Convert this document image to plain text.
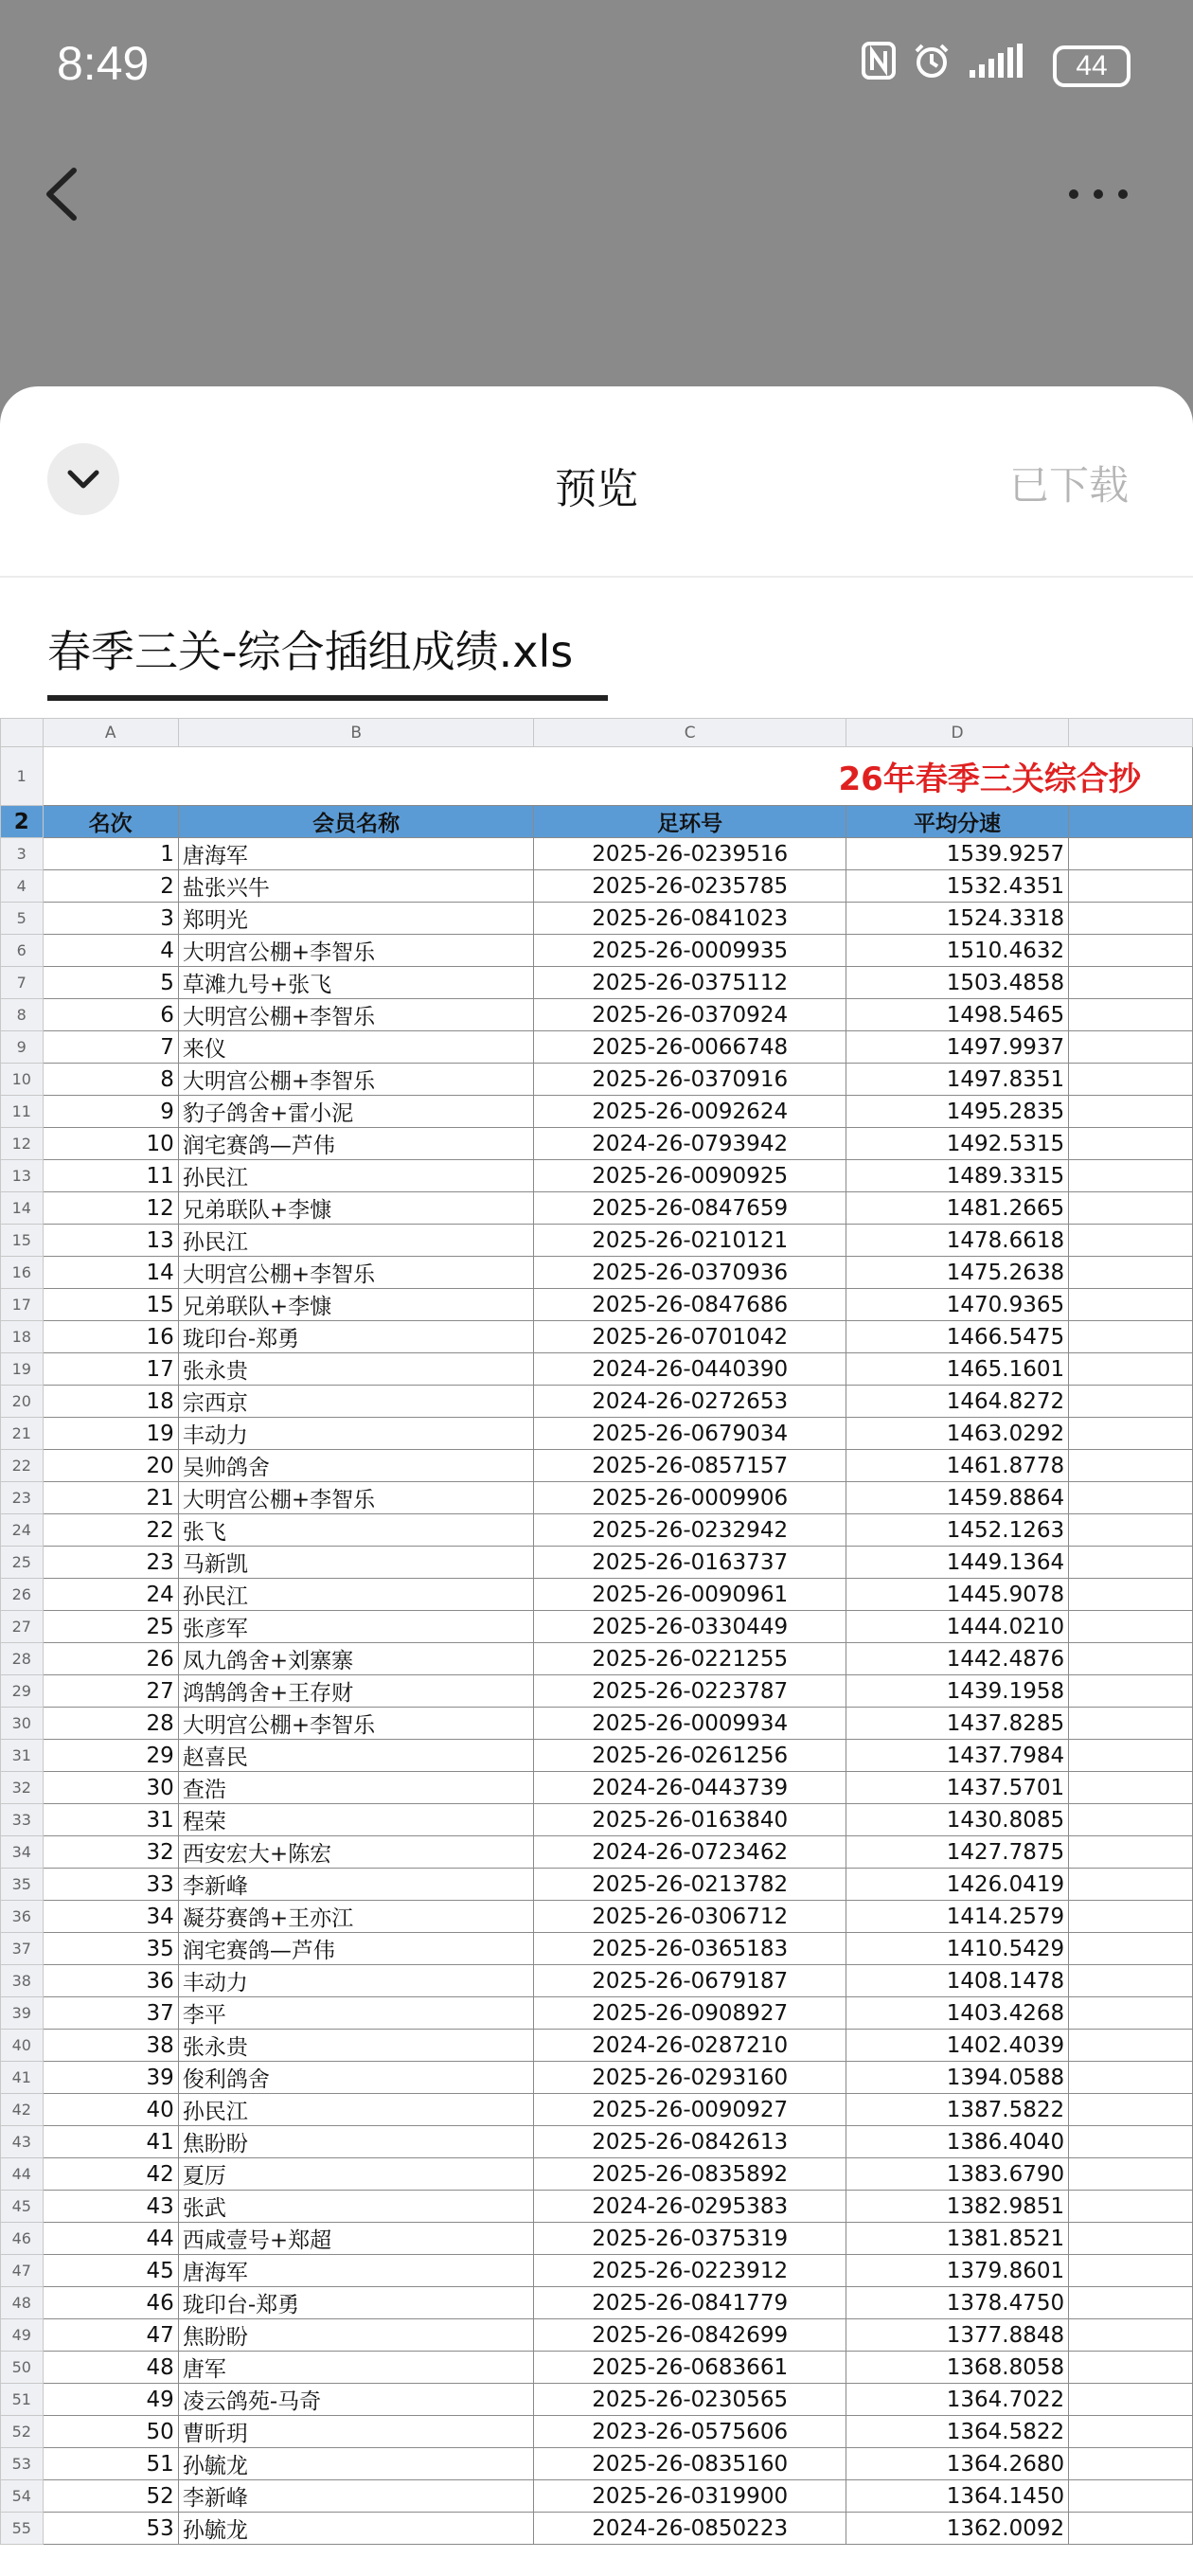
8:49	44
预览	已下载
春季三关-综合插组成绩.xls
	A	B	C	D	
1	26年春季三关综合抄				
2	名次	会员名称	足环号	平均分速	
3	1	唐海军	2025-26-0239516	1539.9257	
4	2	盐张兴牛	2025-26-0235785	1532.4351	
5	3	郑明光	2025-26-0841023	1524.3318	
6	4	大明宫公棚+李智乐	2025-26-0009935	1510.4632	
7	5	草滩九号+张飞	2025-26-0375112	1503.4858	
8	6	大明宫公棚+李智乐	2025-26-0370924	1498.5465	
9	7	来仪	2025-26-0066748	1497.9937	
10	8	大明宫公棚+李智乐	2025-26-0370916	1497.8351	
11	9	豹子鸽舍+雷小泥	2025-26-0092624	1495.2835	
12	10	润宅赛鸽—芦伟	2024-26-0793942	1492.5315	
13	11	孙民江	2025-26-0090925	1489.3315	
14	12	兄弟联队+李慷	2025-26-0847659	1481.2665	
15	13	孙民江	2025-26-0210121	1478.6618	
16	14	大明宫公棚+李智乐	2025-26-0370936	1475.2638	
17	15	兄弟联队+李慷	2025-26-0847686	1470.9365	
18	16	珑印台-郑勇	2025-26-0701042	1466.5475	
19	17	张永贵	2024-26-0440390	1465.1601	
20	18	宗西京	2024-26-0272653	1464.8272	
21	19	丰动力	2025-26-0679034	1463.0292	
22	20	吴帅鸽舍	2025-26-0857157	1461.8778	
23	21	大明宫公棚+李智乐	2025-26-0009906	1459.8864	
24	22	张飞	2025-26-0232942	1452.1263	
25	23	马新凯	2025-26-0163737	1449.1364	
26	24	孙民江	2025-26-0090961	1445.9078	
27	25	张彦军	2025-26-0330449	1444.0210	
28	26	凤九鸽舍+刘寨寨	2025-26-0221255	1442.4876	
29	27	鸿鹄鸽舍+王存财	2025-26-0223787	1439.1958	
30	28	大明宫公棚+李智乐	2025-26-0009934	1437.8285	
31	29	赵喜民	2025-26-0261256	1437.7984	
32	30	查浩	2024-26-0443739	1437.5701	
33	31	程荣	2025-26-0163840	1430.8085	
34	32	西安宏大+陈宏	2024-26-0723462	1427.7875	
35	33	李新峰	2025-26-0213782	1426.0419	
36	34	凝芬赛鸽+王亦江	2025-26-0306712	1414.2579	
37	35	润宅赛鸽—芦伟	2025-26-0365183	1410.5429	
38	36	丰动力	2025-26-0679187	1408.1478	
39	37	李平	2025-26-0908927	1403.4268	
40	38	张永贵	2024-26-0287210	1402.4039	
41	39	俊利鸽舍	2025-26-0293160	1394.0588	
42	40	孙民江	2025-26-0090927	1387.5822	
43	41	焦盼盼	2025-26-0842613	1386.4040	
44	42	夏厉	2025-26-0835892	1383.6790	
45	43	张武	2024-26-0295383	1382.9851	
46	44	西咸壹号+郑超	2025-26-0375319	1381.8521	
47	45	唐海军	2025-26-0223912	1379.8601	
48	46	珑印台-郑勇	2025-26-0841779	1378.4750	
49	47	焦盼盼	2025-26-0842699	1377.8848	
50	48	唐军	2025-26-0683661	1368.8058	
51	49	凌云鸽苑-马奇	2025-26-0230565	1364.7022	
52	50	曹昕玥	2023-26-0575606	1364.5822	
53	51	孙毓龙	2025-26-0835160	1364.2680	
54	52	李新峰	2025-26-0319900	1364.1450	
55	53	孙毓龙	2024-26-0850223	1362.0092	
